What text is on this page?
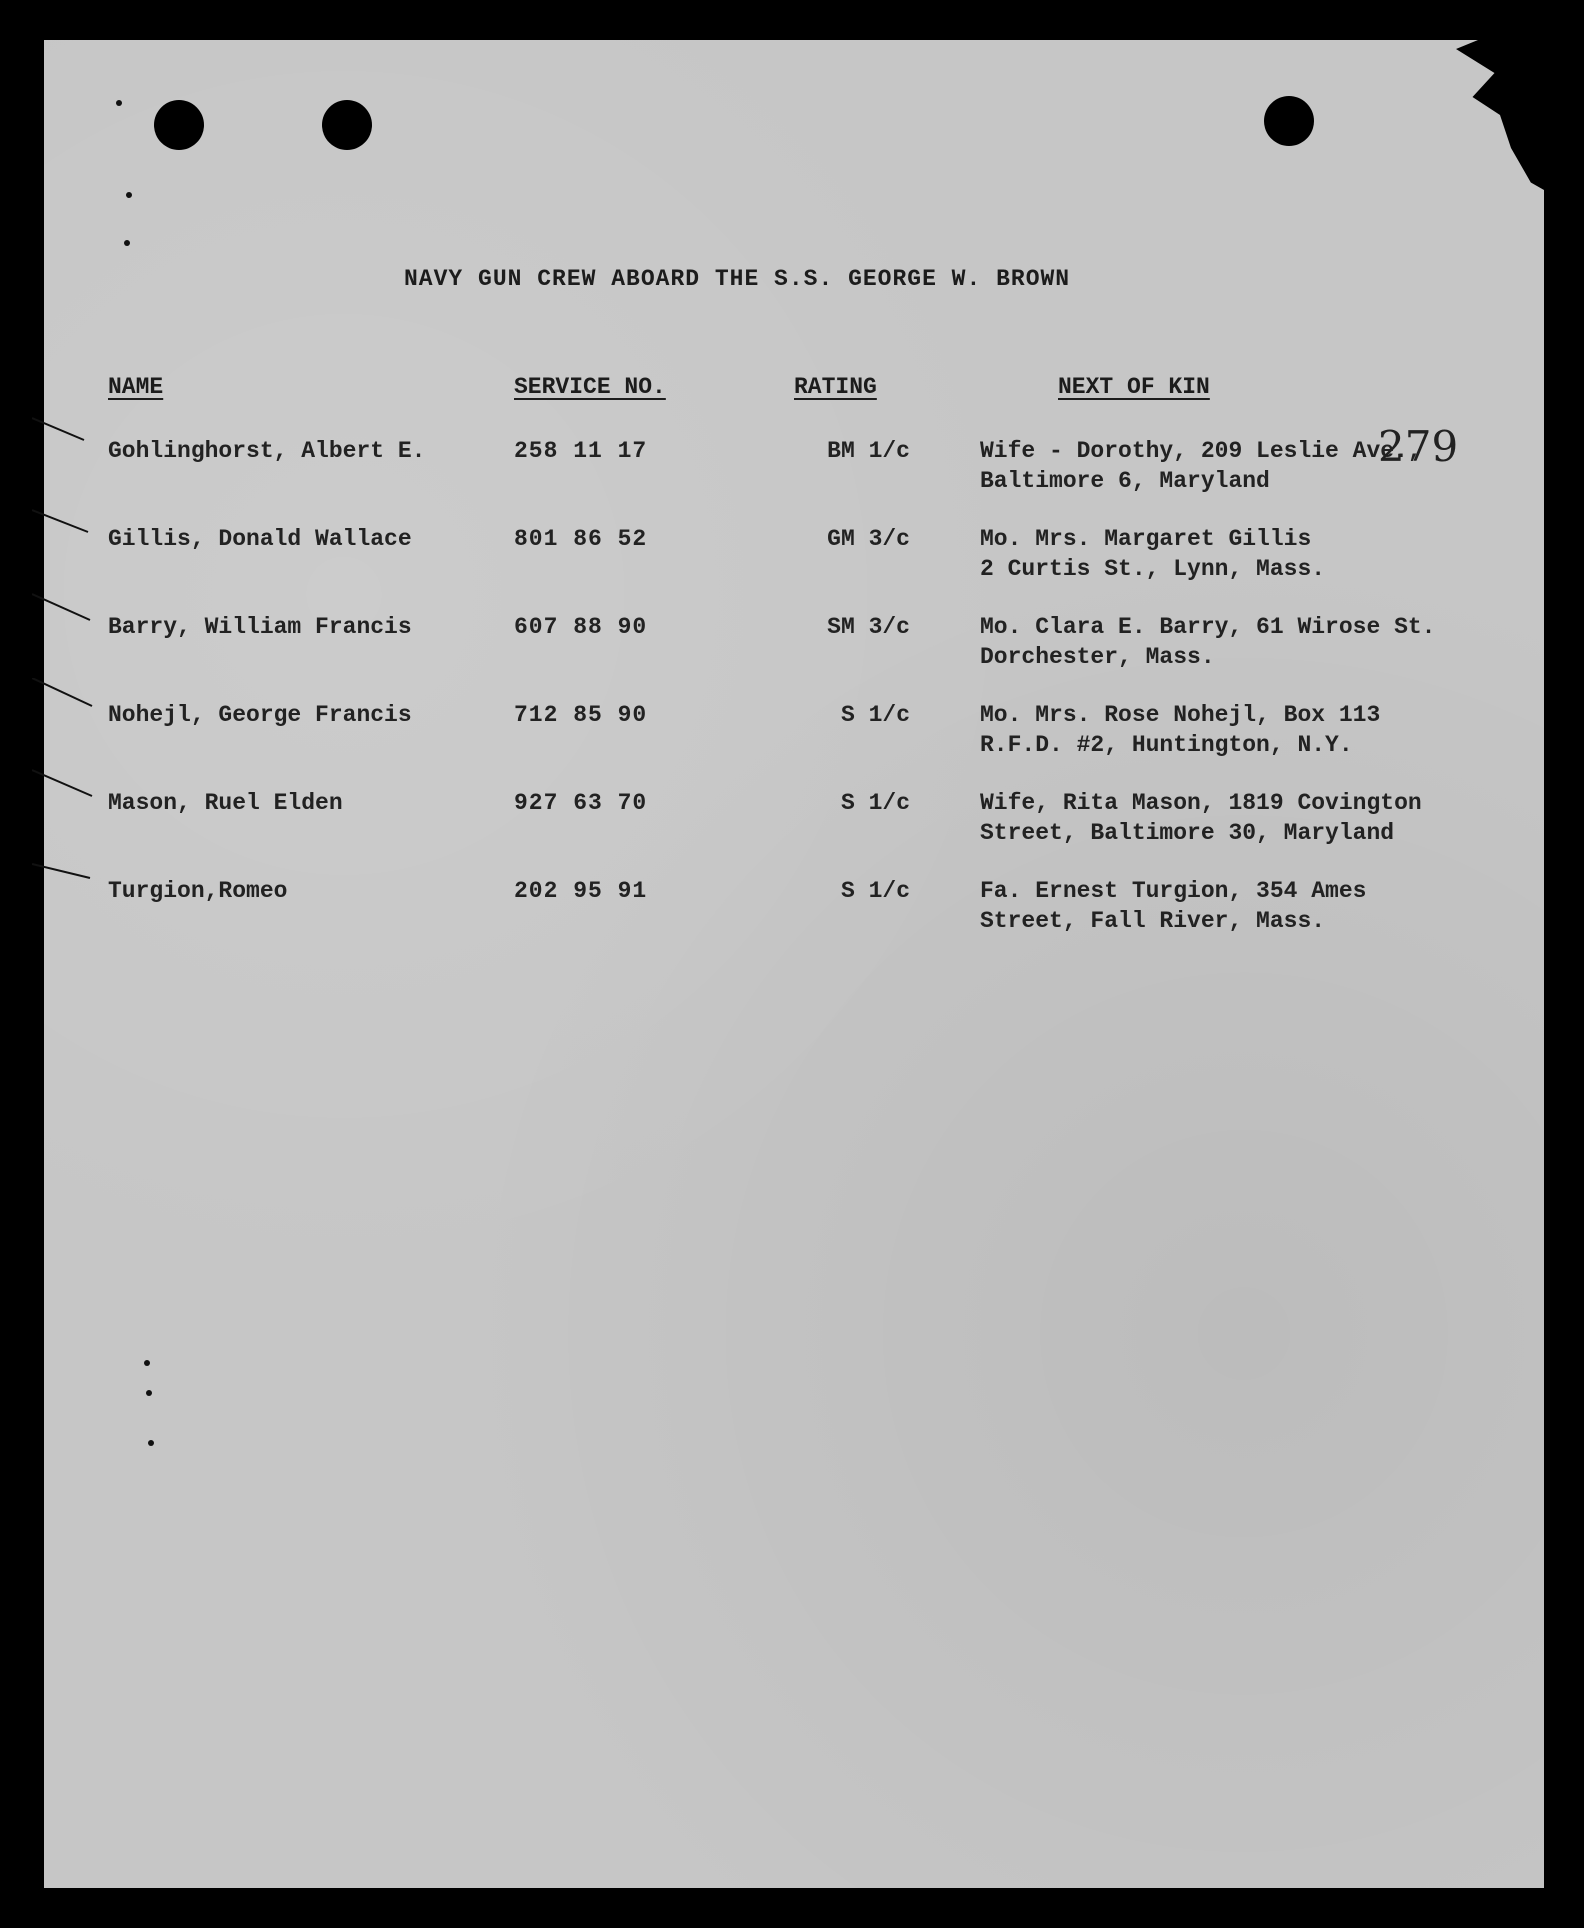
NAVY GUN CREW ABOARD THE S.S. GEORGE W. BROWN
NAME	SERVICE NO.	RATING	NEXT OF KIN
279
Gohlinghorst, Albert E.	258 11 17	BM 1/c	Wife - Dorothy, 209 Leslie Ave.,
Baltimore 6, Maryland
Gillis, Donald Wallace	801 86 52	GM 3/c	Mo. Mrs. Margaret Gillis
2 Curtis St., Lynn, Mass.
Barry, William Francis	607 88 90	SM 3/c	Mo. Clara E. Barry, 61 Wirose St.
Dorchester, Mass.
Nohejl, George Francis	712 85 90	S 1/c	Mo. Mrs. Rose Nohejl, Box 113
R.F.D. #2, Huntington, N.Y.
Mason, Ruel Elden	927 63 70	S 1/c	Wife, Rita Mason, 1819 Covington
Street, Baltimore 30, Maryland
Turgion,Romeo	202 95 91	S 1/c	Fa. Ernest Turgion, 354 Ames
Street, Fall River, Mass.
